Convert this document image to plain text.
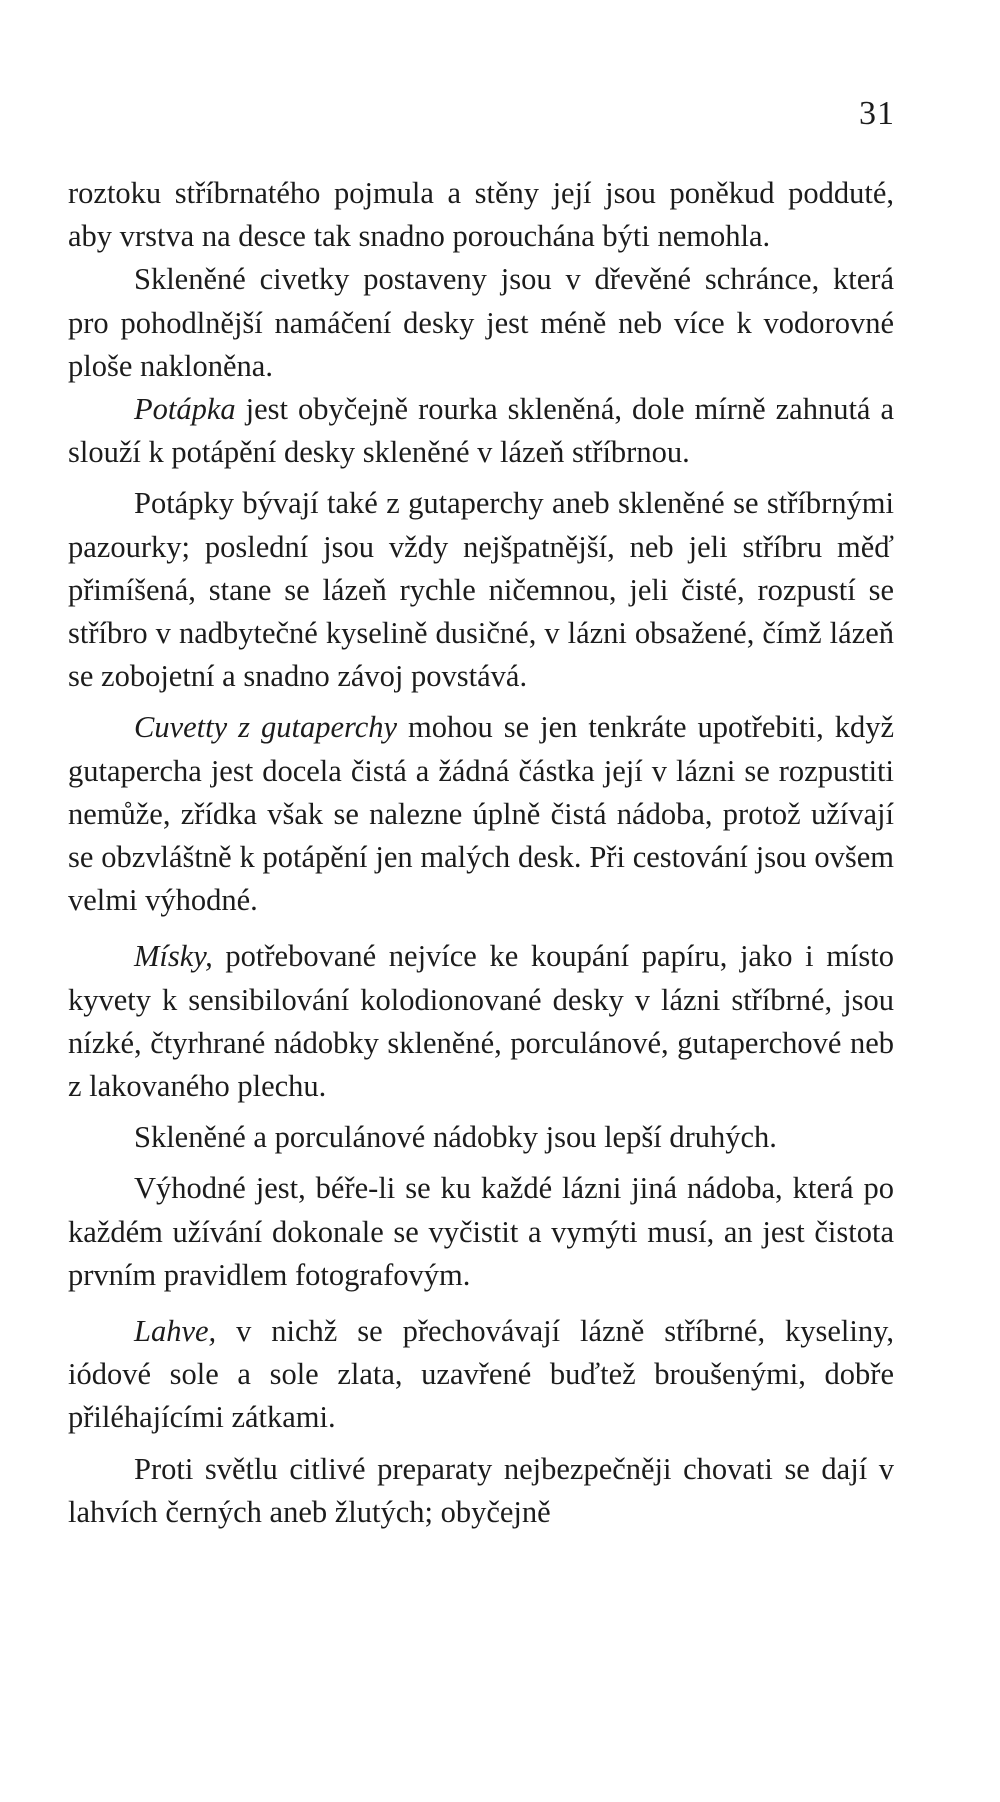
31

roztoku stříbrnatého pojmula a stěny její jsou poněkud podduté, aby vrstva na desce tak snadno porouchána býti nemohla.

Skleněné civetky postaveny jsou v dřevěné schránce, která pro pohodlnější namáčení desky jest méně neb více k vodorovné ploše nakloněna.

Potápka jest obyčejně rourka skleněná, dole mírně zahnutá a slouží k potápění desky skleněné v lázeň stříbrnou.

Potápky bývají také z gutaperchy aneb skleněné se stříbrnými pazourky; poslední jsou vždy nejšpatnější, neb jeli stříbru měď přimíšená, stane se lázeň rychle ničemnou, jeli čisté, rozpustí se stříbro v nadbytečné kyselině dusičné, v lázni obsažené, čímž lázeň se zobojetní a snadno závoj povstává.

Cuvetty z gutaperchy mohou se jen tenkráte upotřebiti, když gutapercha jest docela čistá a žádná částka její v lázni se rozpustiti nemůže, zřídka však se nalezne úplně čistá nádoba, protož užívají se obzvláštně k potápění jen malých desk. Při cestování jsou ovšem velmi výhodné.

Mísky, potřebované nejvíce ke koupání papíru, jako i místo kyvety k sensibilování kolodionované desky v lázni stříbrné, jsou nízké, čtyrhrané nádobky skleněné, porculánové, gutaperchové neb z lakovaného plechu.

Skleněné a porculánové nádobky jsou lepší druhých.

Výhodné jest, béře-li se ku každé lázni jiná nádoba, která po každém užívání dokonale se vyčistit a vymýti musí, an jest čistota prvním pravidlem fotografovým.

Lahve, v nichž se přechovávají lázně stříbrné, kyseliny, iódové sole a sole zlata, uzavřené buďtež broušenými, dobře přiléhajícími zátkami.

Proti světlu citlivé preparaty nejbezpečněji chovati se dají v lahvích černých aneb žlutých; obyčejně
